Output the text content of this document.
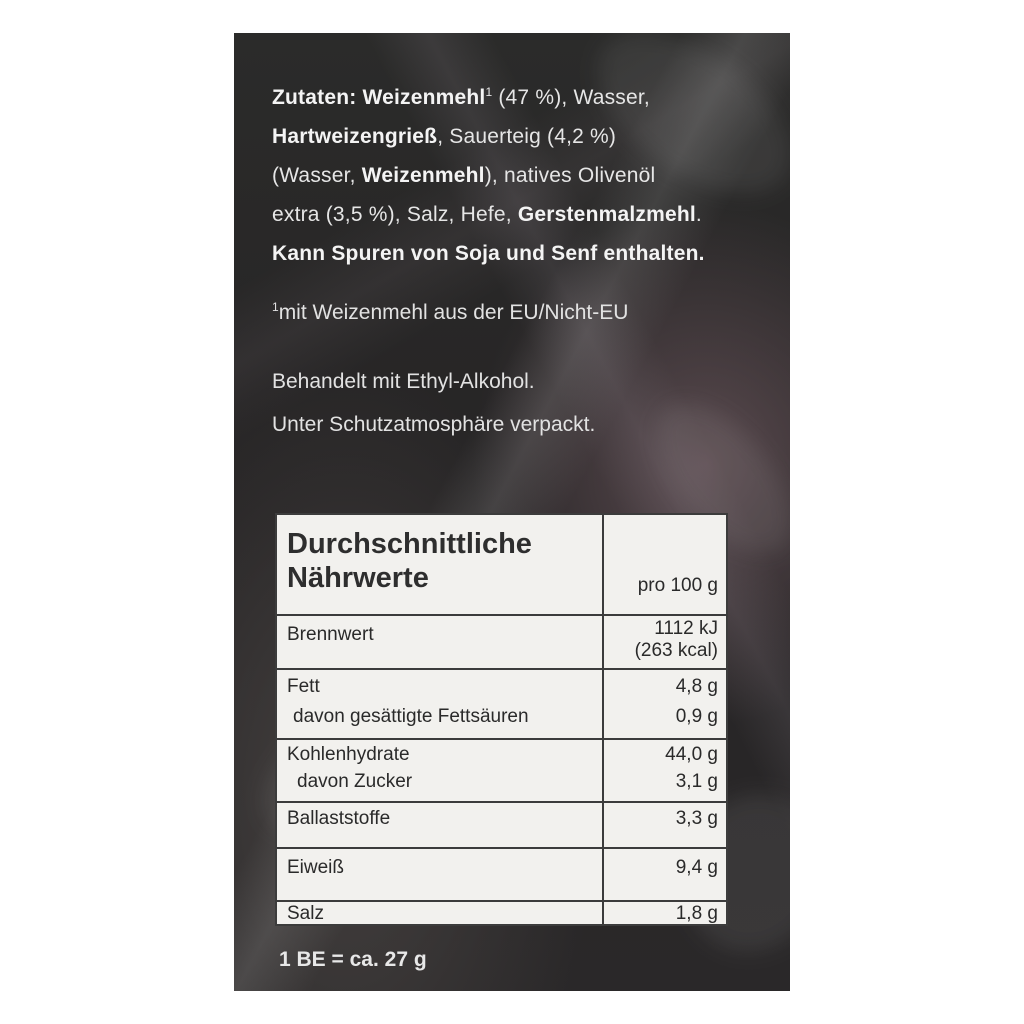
Zutaten: Weizenmehl$^1$ (47 %), Wasser,
Hartweizengrieß, Sauerteig (4,2 %)
(Wasser, Weizenmehl), natives Olivenöl
extra (3,5 %), Salz, Hefe, Gerstenmalzmehl.
Kann Spuren von Soja und Senf enthalten.
$^1$mit Weizenmehl aus der EU/Nicht-EU
Behandelt mit Ethyl-Alkohol.
Unter Schutzatmosphäre verpackt.
Durchschnittliche
Nährwerte	pro 100 g
Brennwert	1112 kJ
(263 kcal)
Fett	4,8 g
davon gesättigte Fettsäuren	0,9 g
Kohlenhydrate	44,0 g
davon Zucker	3,1 g
Ballaststoffe	3,3 g
Eiweiß	9,4 g
Salz	1,8 g
1 BE = ca. 27 g
